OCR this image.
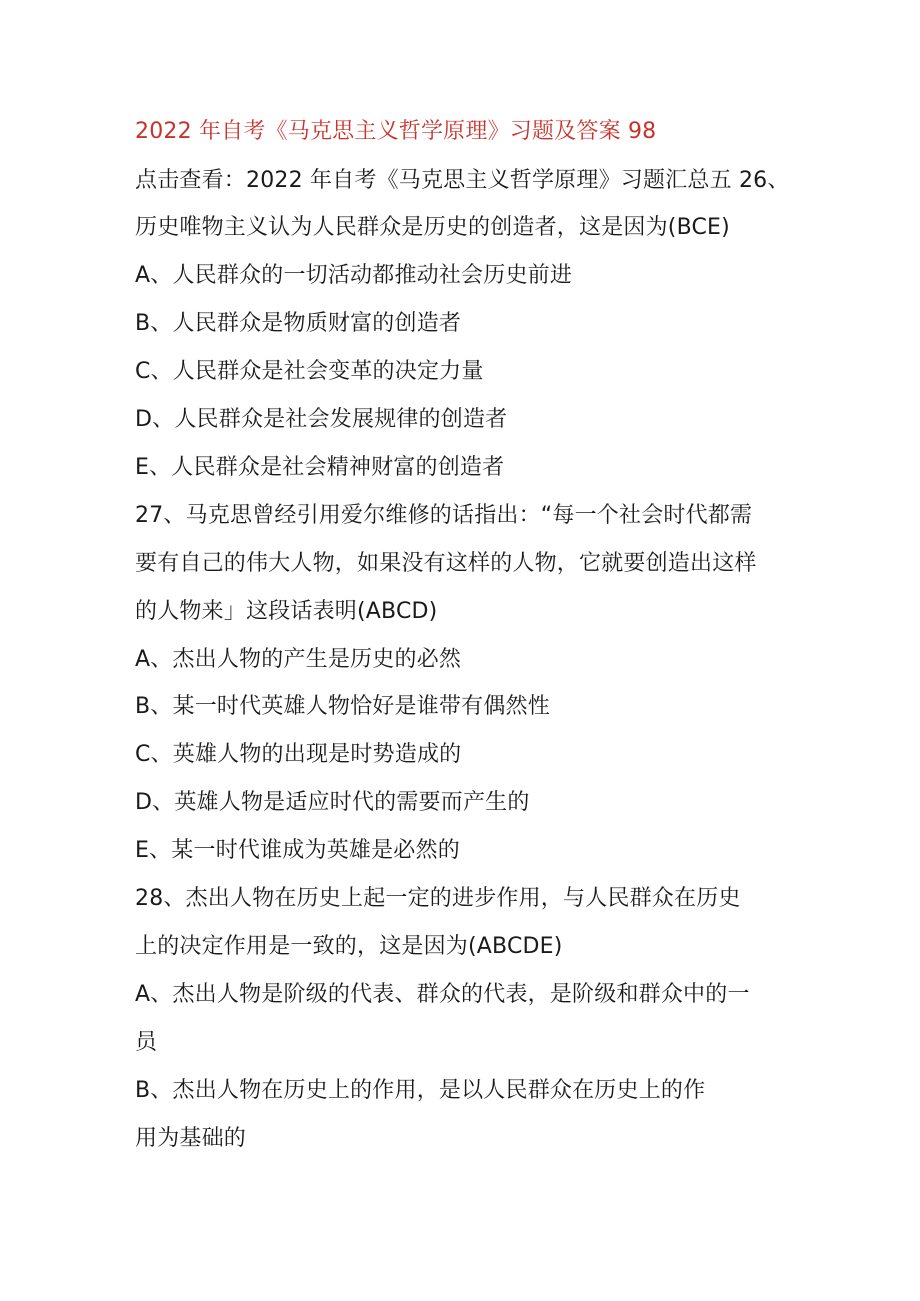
2022 年自考《马克思主义哲学原理》习题及答案 98
点击查看：2022 年自考《马克思主义哲学原理》习题汇总五 26、
历史唯物主义认为人民群众是历史的创造者，这是因为(BCE)
A、人民群众的一切活动都推动社会历史前进
B、人民群众是物质财富的创造者
C、人民群众是社会变革的决定力量
D、人民群众是社会发展规律的创造者
E、人民群众是社会精神财富的创造者
27、马克思曾经引用爱尔维修的话指出：“每一个社会时代都需
要有自己的伟大人物，如果没有这样的人物，它就要创造出这样
的人物来」这段话表明(ABCD)
A、杰出人物的产生是历史的必然
B、某一时代英雄人物恰好是谁带有偶然性
C、英雄人物的出现是时势造成的
D、英雄人物是适应时代的需要而产生的
E、某一时代谁成为英雄是必然的
28、杰出人物在历史上起一定的进步作用，与人民群众在历史
上的决定作用是一致的，这是因为(ABCDE)
A、杰出人物是阶级的代表、群众的代表，是阶级和群众中的一
员
B、杰出人物在历史上的作用，是以人民群众在历史上的作
用为基础的
